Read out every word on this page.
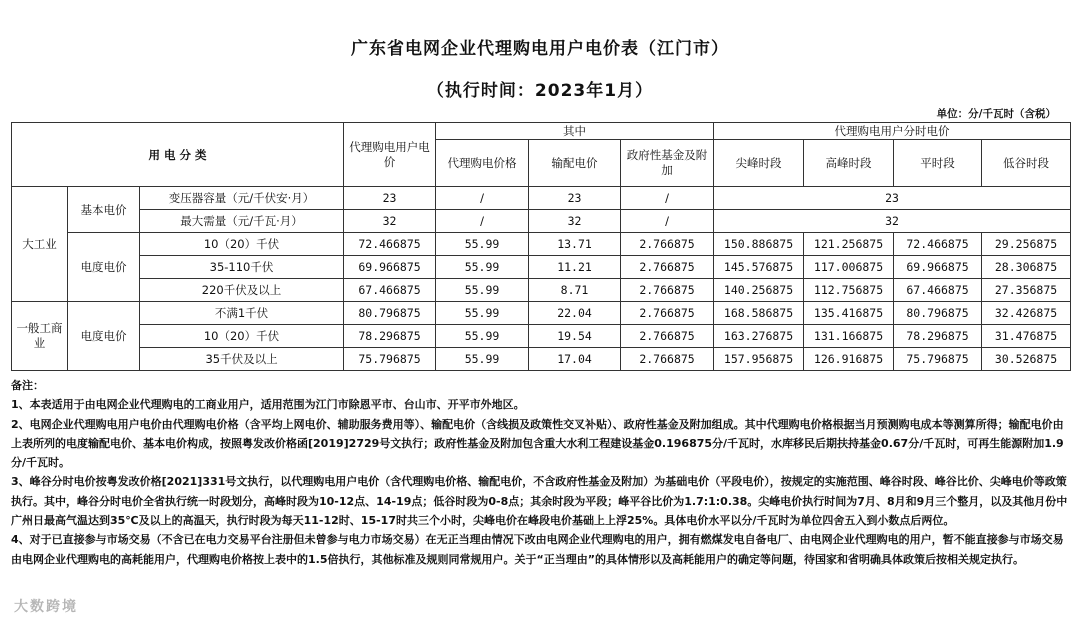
广东省电网企业代理购电用户电价表（江门市）
（执行时间：2023年1月）
单位：分/千瓦时（含税）
用 电 分 类			代理购电用户电价	其中			代理购电用户分时电价			
				代理购电价格	输配电价	政府性基金及附加	尖峰时段	高峰时段	平时段	低谷时段
大工业	基本电价	变压器容量（元/千伏安·月）	23	/	23	/	23			
		最大需量（元/千瓦·月）	32	/	32	/	32			
	电度电价	10（20）千伏	72.466875	55.99	13.71	2.766875	150.886875	121.256875	72.466875	29.256875
		35-110千伏	69.966875	55.99	11.21	2.766875	145.576875	117.006875	69.966875	28.306875
		220千伏及以上	67.466875	55.99	8.71	2.766875	140.256875	112.756875	67.466875	27.356875
一般工商业	电度电价	不满1千伏	80.796875	55.99	22.04	2.766875	168.586875	135.416875	80.796875	32.426875
		10（20）千伏	78.296875	55.99	19.54	2.766875	163.276875	131.166875	78.296875	31.476875
		35千伏及以上	75.796875	55.99	17.04	2.766875	157.956875	126.916875	75.796875	30.526875

备注：

1、本表适用于由电网企业代理购电的工商业用户，适用范围为江门市除恩平市、台山市、开平市外地区。

2、电网企业代理购电用户电价由代理购电价格（含平均上网电价、辅助服务费用等）、输配电价（含线损及政策性交叉补贴）、政府性基金及附加组成。其中代理购电价格根据当月预测购电成本等测算所得；输配电价由上表所列的电度输配电价、基本电价构成，按照粤发改价格函[2019]2729号文执行；政府性基金及附加包含重大水利工程建设基金0.196875分/千瓦时，水库移民后期扶持基金0.67分/千瓦时，可再生能源附加1.9分/千瓦时。

3、峰谷分时电价按粤发改价格[2021]331号文执行，以代理购电用户电价（含代理购电价格、输配电价，不含政府性基金及附加）为基础电价（平段电价），按规定的实施范围、峰谷时段、峰谷比价、尖峰电价等政策执行。其中，峰谷分时电价全省执行统一时段划分，高峰时段为10-12点、14-19点；低谷时段为0-8点；其余时段为平段；峰平谷比价为1.7:1:0.38。尖峰电价执行时间为7月、8月和9月三个整月，以及其他月份中广州日最高气温达到35℃及以上的高温天，执行时段为每天11-12时、15-17时共三个小时，尖峰电价在峰段电价基础上上浮25%。具体电价水平以分/千瓦时为单位四舍五入到小数点后两位。

4、对于已直接参与市场交易（不含已在电力交易平台注册但未曾参与电力市场交易）在无正当理由情况下改由电网企业代理购电的用户，拥有燃煤发电自备电厂、由电网企业代理购电的用户，暂不能直接参与市场交易由电网企业代理购电的高耗能用户，代理购电价格按上表中的1.5倍执行，其他标准及规则同常规用户。关于“正当理由”的具体情形以及高耗能用户的确定等问题，待国家和省明确具体政策后按相关规定执行。

大数跨境
